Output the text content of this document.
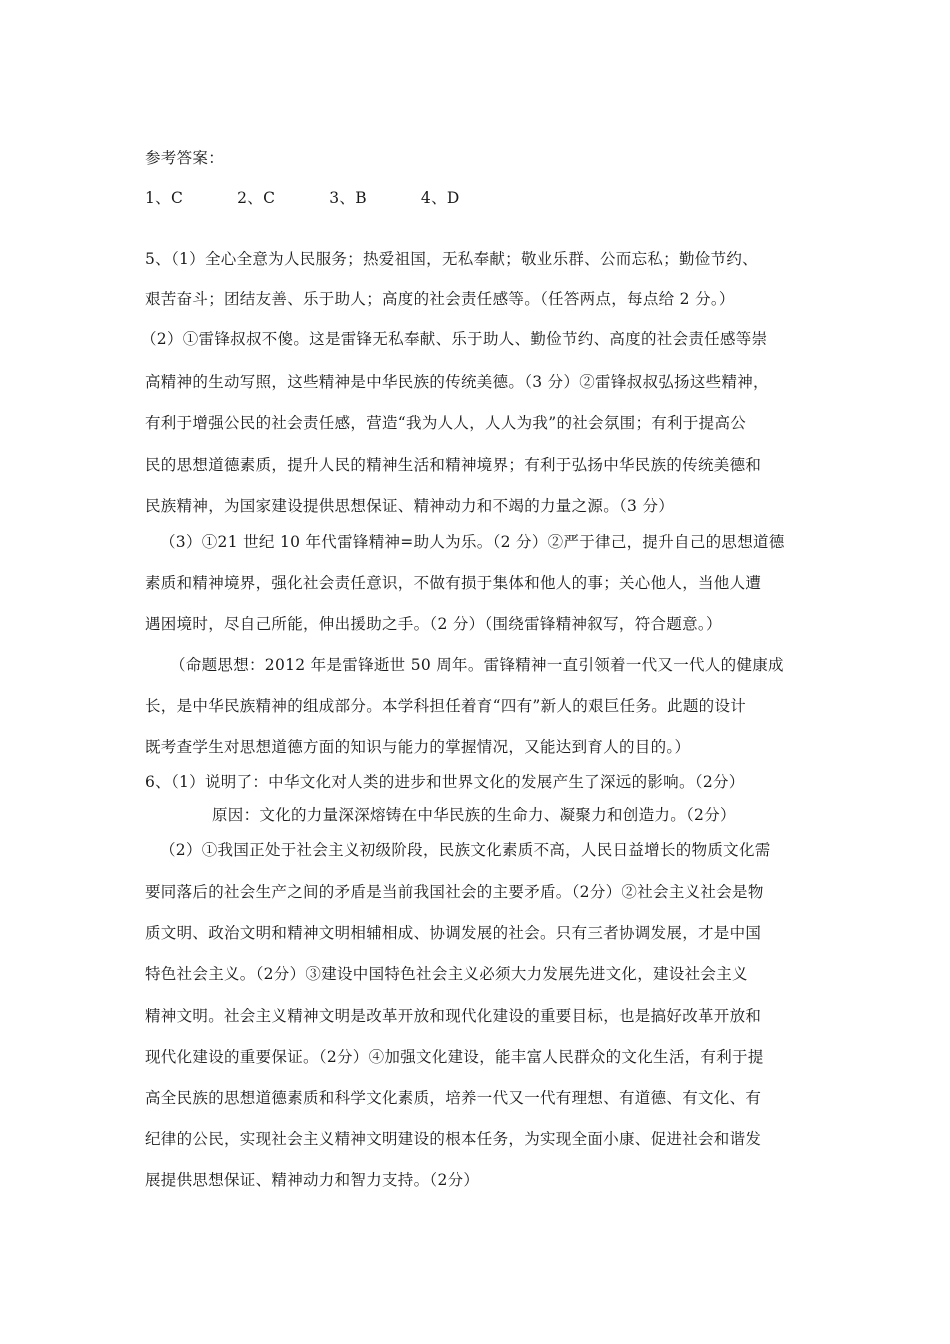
参考答案：
1、C	2、C	3、B	4、D
5、（1）全心全意为人民服务；热爱祖国，无私奉献；敬业乐群、公而忘私；勤俭节约、
艰苦奋斗；团结友善、乐于助人；高度的社会责任感等。（任答两点，每点给 2 分。）
（2）①雷锋叔叔不傻。这是雷锋无私奉献、乐于助人、勤俭节约、高度的社会责任感等崇
高精神的生动写照，这些精神是中华民族的传统美德。（3 分）②雷锋叔叔弘扬这些精神，
有利于增强公民的社会责任感，营造“我为人人，人人为我”的社会氛围；有利于提高公
民的思想道德素质，提升人民的精神生活和精神境界；有利于弘扬中华民族的传统美德和
民族精神，为国家建设提供思想保证、精神动力和不竭的力量之源。（3 分）
（3）①21 世纪 10 年代雷锋精神=助人为乐。（2 分）②严于律己，提升自己的思想道德
素质和精神境界，强化社会责任意识，不做有损于集体和他人的事；关心他人，当他人遭
遇困境时，尽自己所能，伸出援助之手。（2 分）（围绕雷锋精神叙写，符合题意。）
（命题思想：2012 年是雷锋逝世 50 周年。雷锋精神一直引领着一代又一代人的健康成
长，是中华民族精神的组成部分。本学科担任着育“四有”新人的艰巨任务。此题的设计
既考查学生对思想道德方面的知识与能力的掌握情况，又能达到育人的目的。）
6、（1）说明了：中华文化对人类的进步和世界文化的发展产生了深远的影响。（2分）
原因：文化的力量深深熔铸在中华民族的生命力、凝聚力和创造力。（2分）
（2）①我国正处于社会主义初级阶段，民族文化素质不高，人民日益增长的物质文化需
要同落后的社会生产之间的矛盾是当前我国社会的主要矛盾。（2分）②社会主义社会是物
质文明、政治文明和精神文明相辅相成、协调发展的社会。只有三者协调发展，才是中国
特色社会主义。（2分）③建设中国特色社会主义必须大力发展先进文化，建设社会主义
精神文明。社会主义精神文明是改革开放和现代化建设的重要目标，也是搞好改革开放和
现代化建设的重要保证。（2分）④加强文化建设，能丰富人民群众的文化生活，有利于提
高全民族的思想道德素质和科学文化素质，培养一代又一代有理想、有道德、有文化、有
纪律的公民，实现社会主义精神文明建设的根本任务，为实现全面小康、促进社会和谐发
展提供思想保证、精神动力和智力支持。（2分）
